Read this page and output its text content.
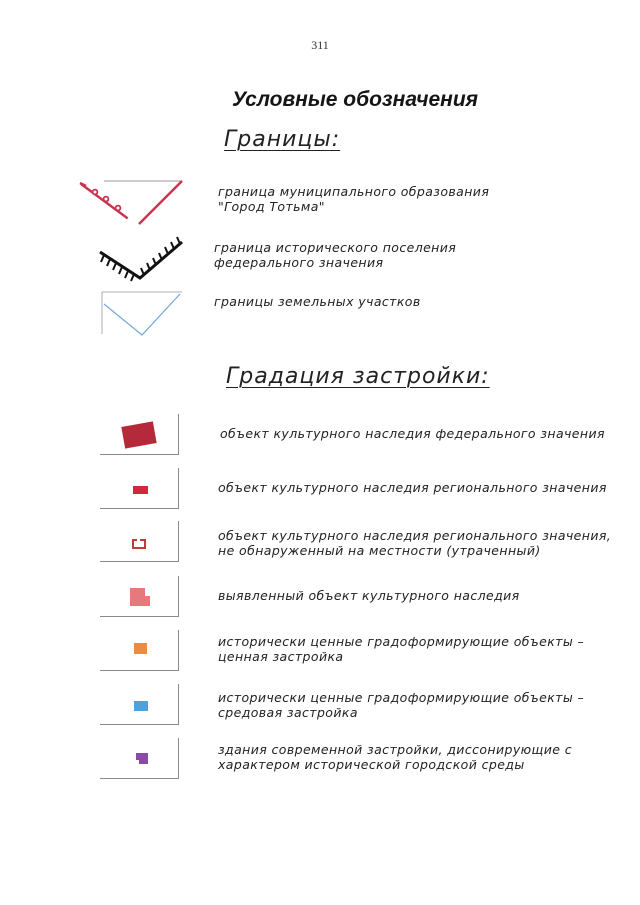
311
Условные обозначения
Границы:
граница муниципального образования
"Город Тотьма"
граница исторического поселения
федерального значения
границы земельных участков
Градация застройки:
объект культурного наследия федерального значения
объект культурного наследия регионального значения
объект культурного наследия регионального значения,
не обнаруженный на местности (утраченный)
выявленный объект культурного наследия
исторически ценные градоформирующие объекты –
ценная застройка
исторически ценные градоформирующие объекты –
средовая застройка
здания современной застройки, диссонирующие с
характером исторической городской среды
